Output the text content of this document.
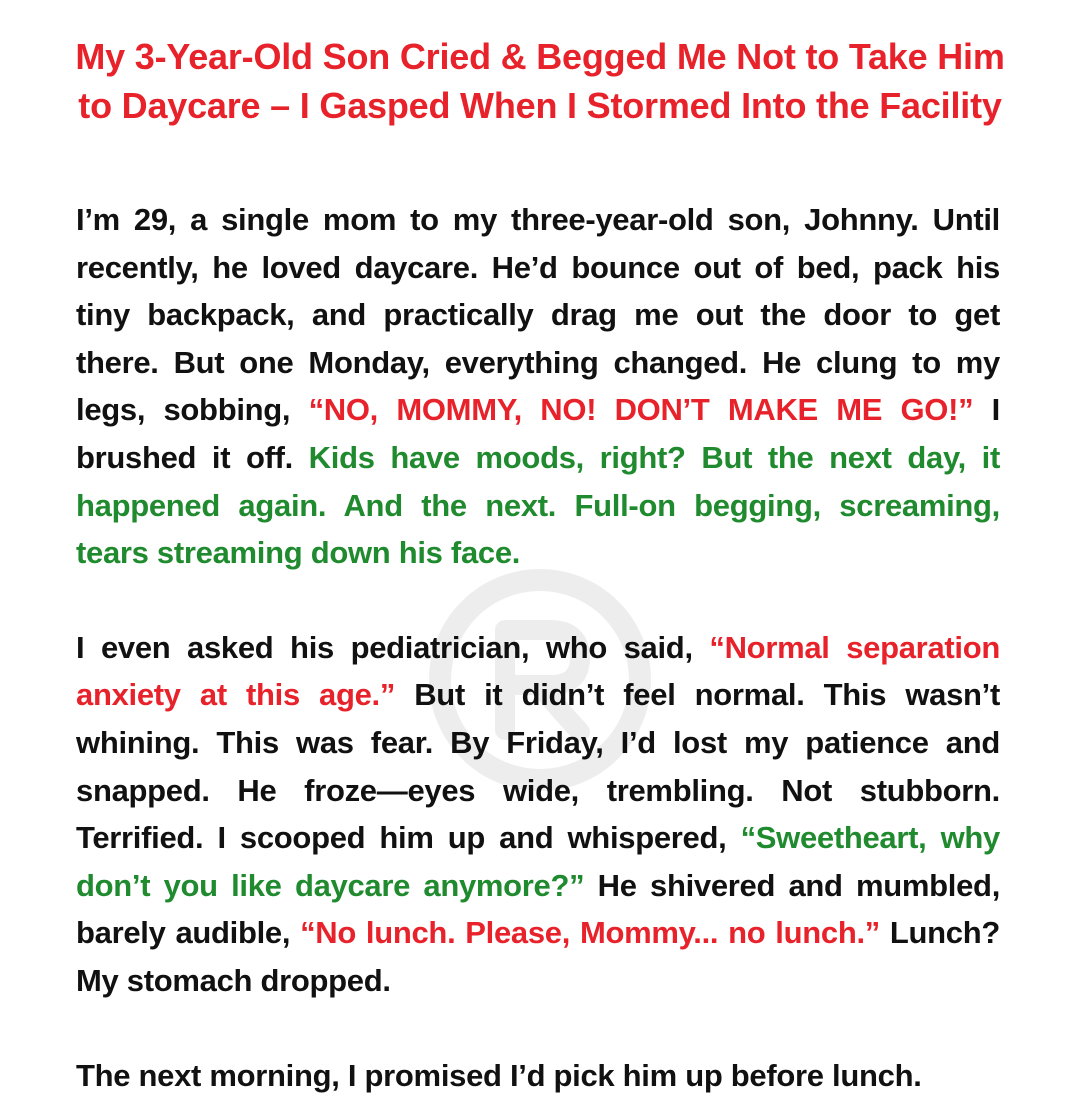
My 3-Year-Old Son Cried & Begged Me Not to Take Him to Daycare – I Gasped When I Stormed Into the Facility

I’m 29, a single mom to my three-year-old son, Johnny. Until recently, he loved daycare. He’d bounce out of bed, pack his tiny backpack, and practically drag me out the door to get there. But one Monday, everything changed. He clung to my legs, sobbing, “NO, MOMMY, NO! DON’T MAKE ME GO!” I brushed it off. Kids have moods, right? But the next day, it happened again. And the next. Full-on begging, screaming, tears streaming down his face.

I even asked his pediatrician, who said, “Normal separation anxiety at this age.” But it didn’t feel normal. This wasn’t whining. This was fear. By Friday, I’d lost my patience and snapped. He froze—eyes wide, trembling. Not stubborn. Terrified. I scooped him up and whispered, “Sweetheart, why don’t you like daycare anymore?” He shivered and mumbled, barely audible, “No lunch. Please, Mommy... no lunch.” Lunch? My stomach dropped.

The next morning, I promised I’d pick him up before lunch.
